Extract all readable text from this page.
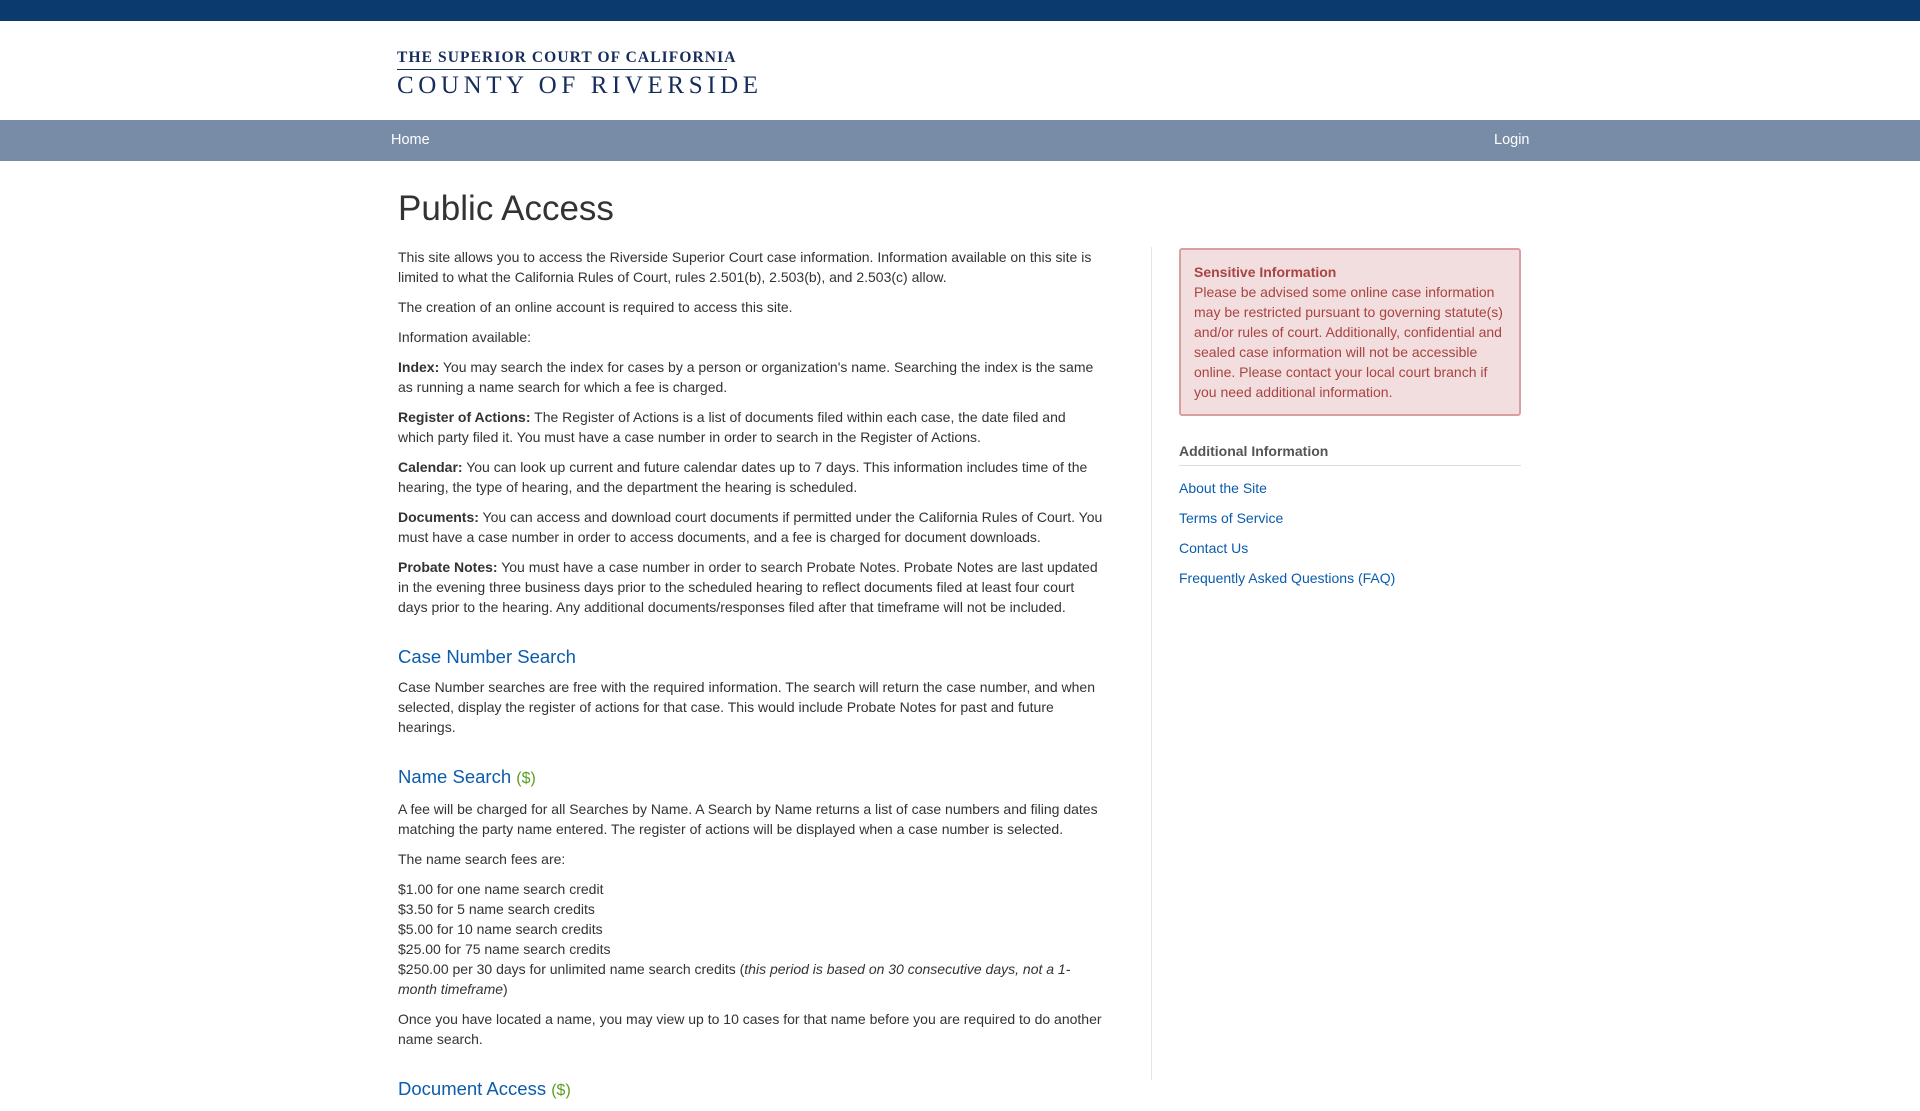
THE SUPERIOR COURT OF CALIFORNIA
COUNTY OF RIVERSIDE
Home	Login
Public Access

This site allows you to access the Riverside Superior Court case information. Information available on this site is limited to what the California Rules of Court, rules 2.501(b), 2.503(b), and 2.503(c) allow.

The creation of an online account is required to access this site.

Information available:

Index: You may search the index for cases by a person or organization's name. Searching the index is the same as running a name search for which a fee is charged.

Register of Actions: The Register of Actions is a list of documents filed within each case, the date filed and which party filed it. You must have a case number in order to search in the Register of Actions.

Calendar: You can look up current and future calendar dates up to 7 days. This information includes time of the hearing, the type of hearing, and the department the hearing is scheduled.

Documents: You can access and download court documents if permitted under the California Rules of Court. You must have a case number in order to access documents, and a fee is charged for document downloads.

Probate Notes: You must have a case number in order to search Probate Notes. Probate Notes are last updated in the evening three business days prior to the scheduled hearing to reflect documents filed at least four court days prior to the hearing. Any additional documents/responses filed after that timeframe will not be included.

Case Number Search

Case Number searches are free with the required information. The search will return the case number, and when selected, display the register of actions for that case. This would include Probate Notes for past and future hearings.

Name Search ($)

A fee will be charged for all Searches by Name. A Search by Name returns a list of case numbers and filing dates matching the party name entered. The register of actions will be displayed when a case number is selected.

The name search fees are:

$1.00 for one name search credit
$3.50 for 5 name search credits
$5.00 for 10 name search credits
$25.00 for 75 name search credits
$250.00 per 30 days for unlimited name search credits (this period is based on 30 consecutive days, not a 1-month timeframe)

Once you have located a name, you may view up to 10 cases for that name before you are required to do another name search.

Document Access ($)
Sensitive Information
Please be advised some online case information may be restricted pursuant to governing statute(s) and/or rules of court. Additionally, confidential and sealed case information will not be accessible online. Please contact your local court branch if you need additional information.
Additional Information
About the Site
Terms of Service
Contact Us
Frequently Asked Questions (FAQ)
